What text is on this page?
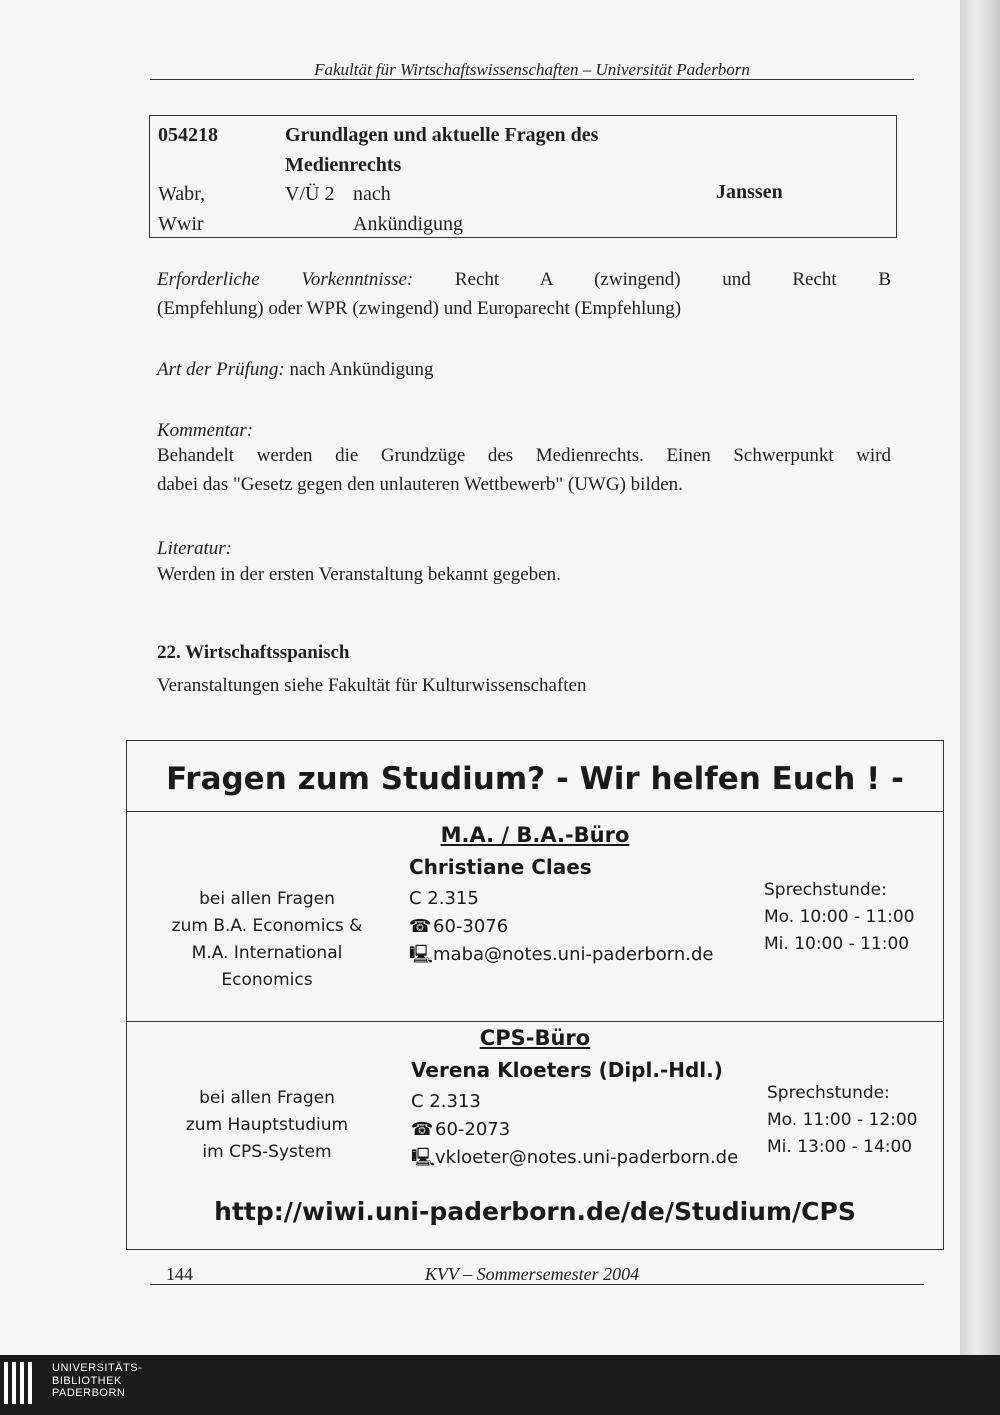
Fakultät für Wirtschaftswissenschaften – Universität Paderborn
054218	Grundlagen und aktuelle Fragen des
Medienrechts
Wabr,	V/Ü 2 nach	Janssen
Wwir	Ankündigung
Erforderliche Vorkenntnisse: Recht A (zwingend) und Recht B
(Empfehlung) oder WPR (zwingend) und Europarecht (Empfehlung)
Art der Prüfung: nach Ankündigung
Kommentar:
Behandelt werden die Grundzüge des Medienrechts. Einen Schwerpunkt wird
dabei das "Gesetz gegen den unlauteren Wettbewerb" (UWG) bilden.
Literatur:
Werden in der ersten Veranstaltung bekannt gegeben.
22. Wirtschaftsspanisch
Veranstaltungen siehe Fakultät für Kulturwissenschaften
Fragen zum Studium? - Wir helfen Euch ! -
M.A. / B.A.-Büro
Christiane Claes
bei allen Fragen
zum B.A. Economics &
M.A. International
Economics
C 2.315
☎60-3076
🖳maba@notes.uni-paderborn.de
Sprechstunde:
Mo. 10:00 - 11:00
Mi. 10:00 - 11:00
CPS-Büro
Verena Kloeters (Dipl.-Hdl.)
bei allen Fragen
zum Hauptstudium
im CPS-System
C 2.313
☎60-2073
🖳vkloeter@notes.uni-paderborn.de
Sprechstunde:
Mo. 11:00 - 12:00
Mi. 13:00 - 14:00
http://wiwi.uni-paderborn.de/de/Studium/CPS
KVV – Sommersemester 2004
144
UNIVERSITÄTS-
BIBLIOTHEK
PADERBORN
